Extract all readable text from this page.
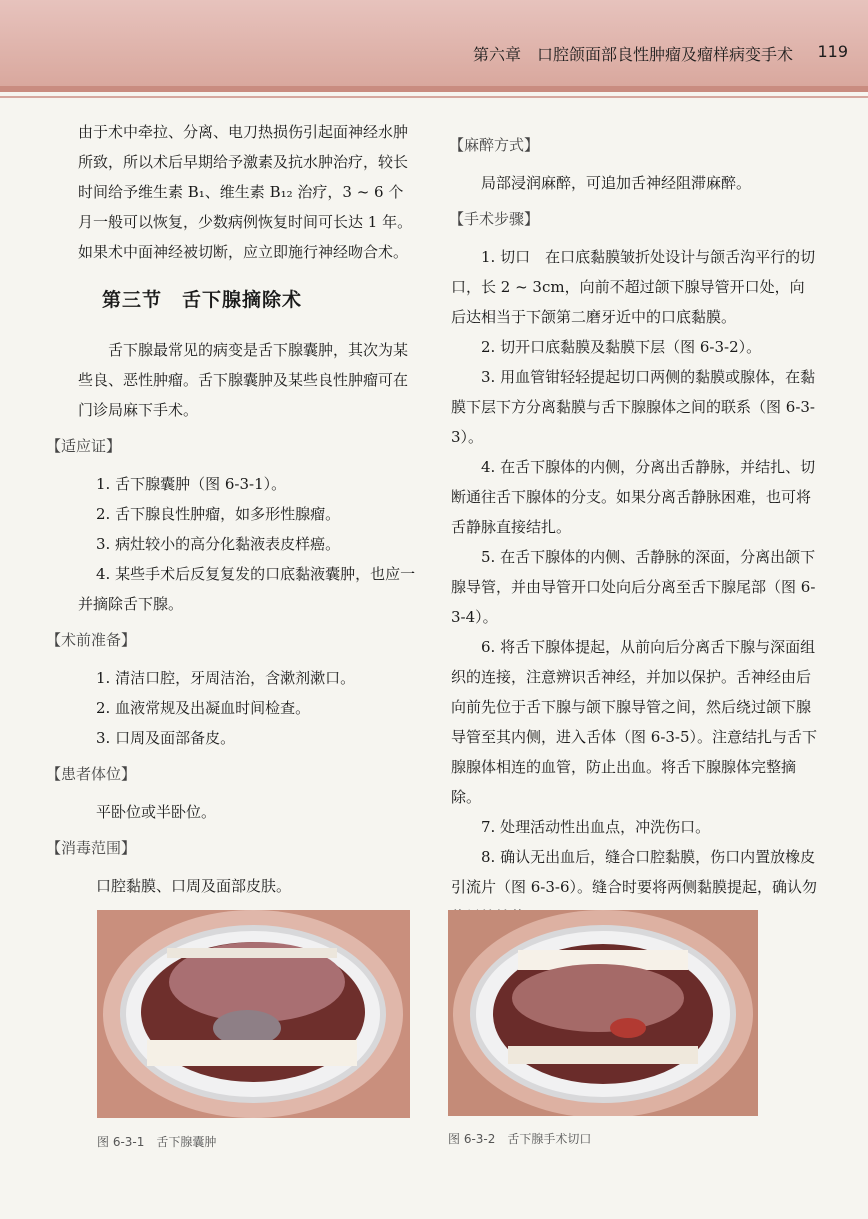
第六章　口腔颌面部良性肿瘤及瘤样病变手术 119

由于术中牵拉、分离、电刀热损伤引起面神经水肿所致，所以术后早期给予激素及抗水肿治疗，较长时间给予维生素 B₁、维生素 B₁₂ 治疗，3 ~ 6 个月一般可以恢复，少数病例恢复时间可长达 1 年。如果术中面神经被切断，应立即施行神经吻合术。

第三节　舌下腺摘除术

舌下腺最常见的病变是舌下腺囊肿，其次为某些良、恶性肿瘤。舌下腺囊肿及某些良性肿瘤可在门诊局麻下手术。

【适应证】

1. 舌下腺囊肿（图 6-3-1）。

2. 舌下腺良性肿瘤，如多形性腺瘤。

3. 病灶较小的高分化黏液表皮样癌。

4. 某些手术后反复复发的口底黏液囊肿，也应一并摘除舌下腺。

【术前准备】

1. 清洁口腔，牙周洁治，含漱剂漱口。

2. 血液常规及出凝血时间检查。

3. 口周及面部备皮。

【患者体位】

平卧位或半卧位。

【消毒范围】

口腔黏膜、口周及面部皮肤。

【麻醉方式】

局部浸润麻醉，可追加舌神经阻滞麻醉。

【手术步骤】

1. 切口　在口底黏膜皱折处设计与颌舌沟平行的切口，长 2 ~ 3cm，向前不超过颌下腺导管开口处，向后达相当于下颌第二磨牙近中的口底黏膜。

2. 切开口底黏膜及黏膜下层（图 6-3-2）。

3. 用血管钳轻轻提起切口两侧的黏膜或腺体，在黏膜下层下方分离黏膜与舌下腺腺体之间的联系（图 6-3-3）。

4. 在舌下腺体的内侧，分离出舌静脉，并结扎、切断通往舌下腺体的分支。如果分离舌静脉困难，也可将舌静脉直接结扎。

5. 在舌下腺体的内侧、舌静脉的深面，分离出颌下腺导管，并由导管开口处向后分离至舌下腺尾部（图 6-3-4）。

6. 将舌下腺体提起，从前向后分离舌下腺与深面组织的连接，注意辨识舌神经，并加以保护。舌神经由后向前先位于舌下腺与颌下腺导管之间，然后绕过颌下腺导管至其内侧，进入舌体（图 6-3-5）。注意结扎与舌下腺腺体相连的血管，防止出血。将舌下腺腺体完整摘除。

7. 处理活动性出血点，冲洗伤口。

8. 确认无出血后，缝合口腔黏膜，伤口内置放橡皮引流片（图 6-3-6）。缝合时要将两侧黏膜提起，确认勿

图 6-3-1　舌下腺囊肿	图 6-3-2　舌下腺手术切口
